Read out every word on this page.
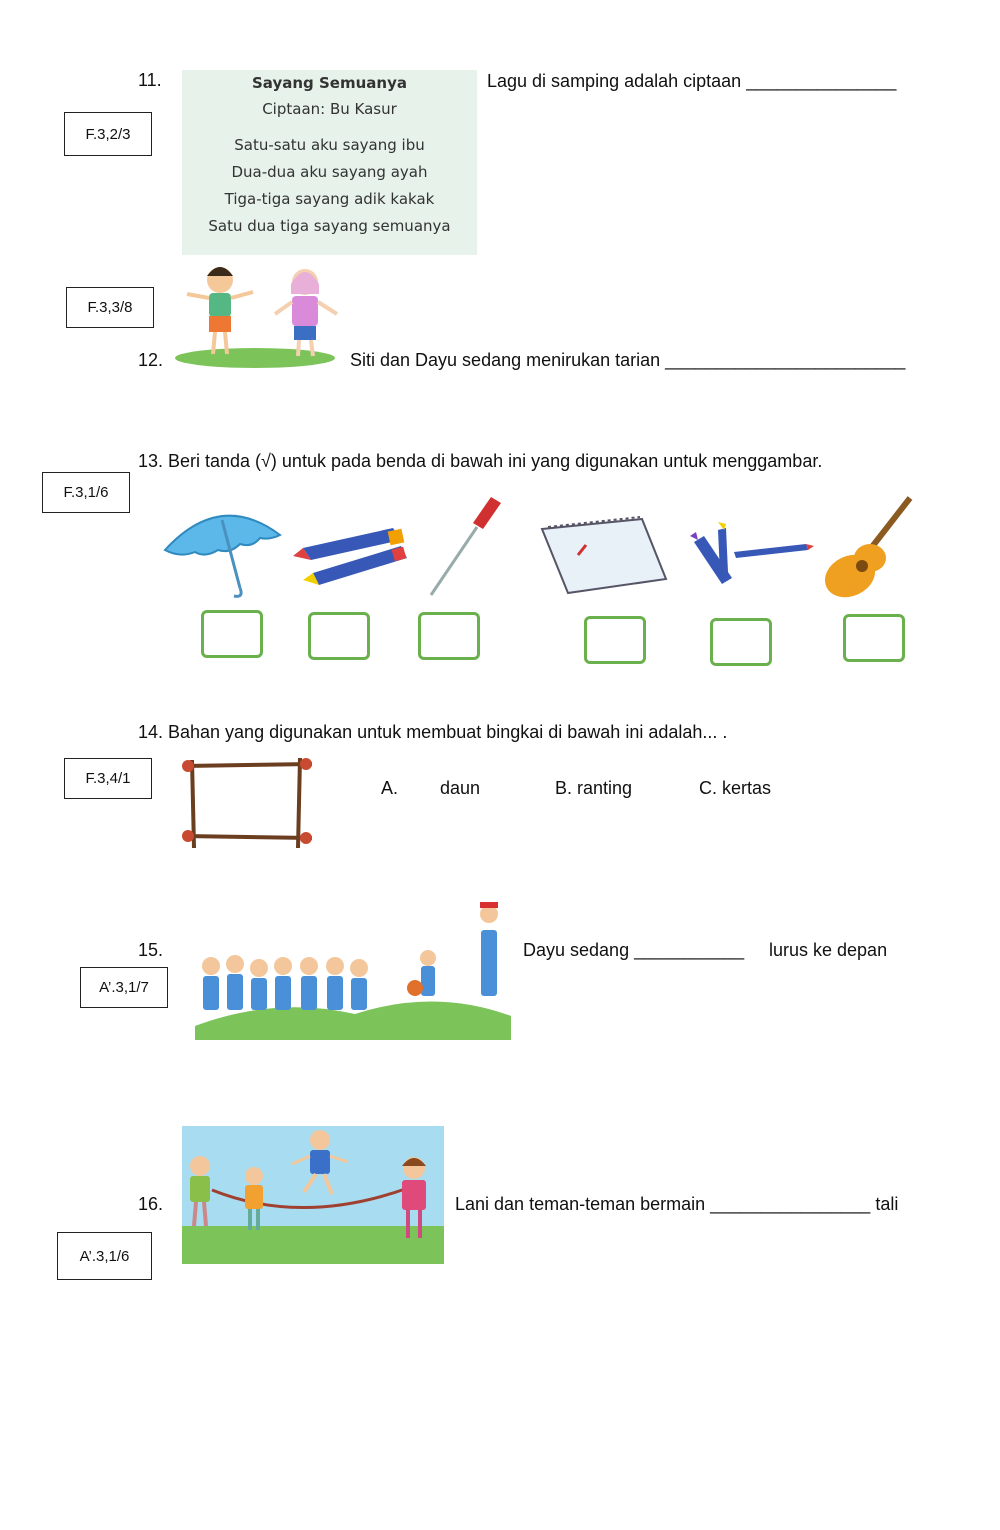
11.	Sayang Semuanya
Ciptaan: Bu Kasur
Satu-satu aku sayang ibu
Dua-dua aku sayang ayah
Tiga-tiga sayang adik kakak
Satu dua tiga sayang semuanya
Lagu di samping adalah ciptaan _______________
F.3,2/3
F.3,3/8
12.	Siti dan Dayu sedang menirukan tarian ________________________
13. Beri tanda (√) untuk pada benda di bawah ini yang digunakan untuk menggambar.
F.3,1/6
14. Bahan yang digunakan untuk membuat bingkai di bawah ini adalah... .
F.3,4/1	A. daun	B. ranting	C. kertas
15.
A’.3,1/7
Dayu sedang ___________ lurus ke depan
16.	Lani dan teman-teman bermain ________________ tali
A’.3,1/6
